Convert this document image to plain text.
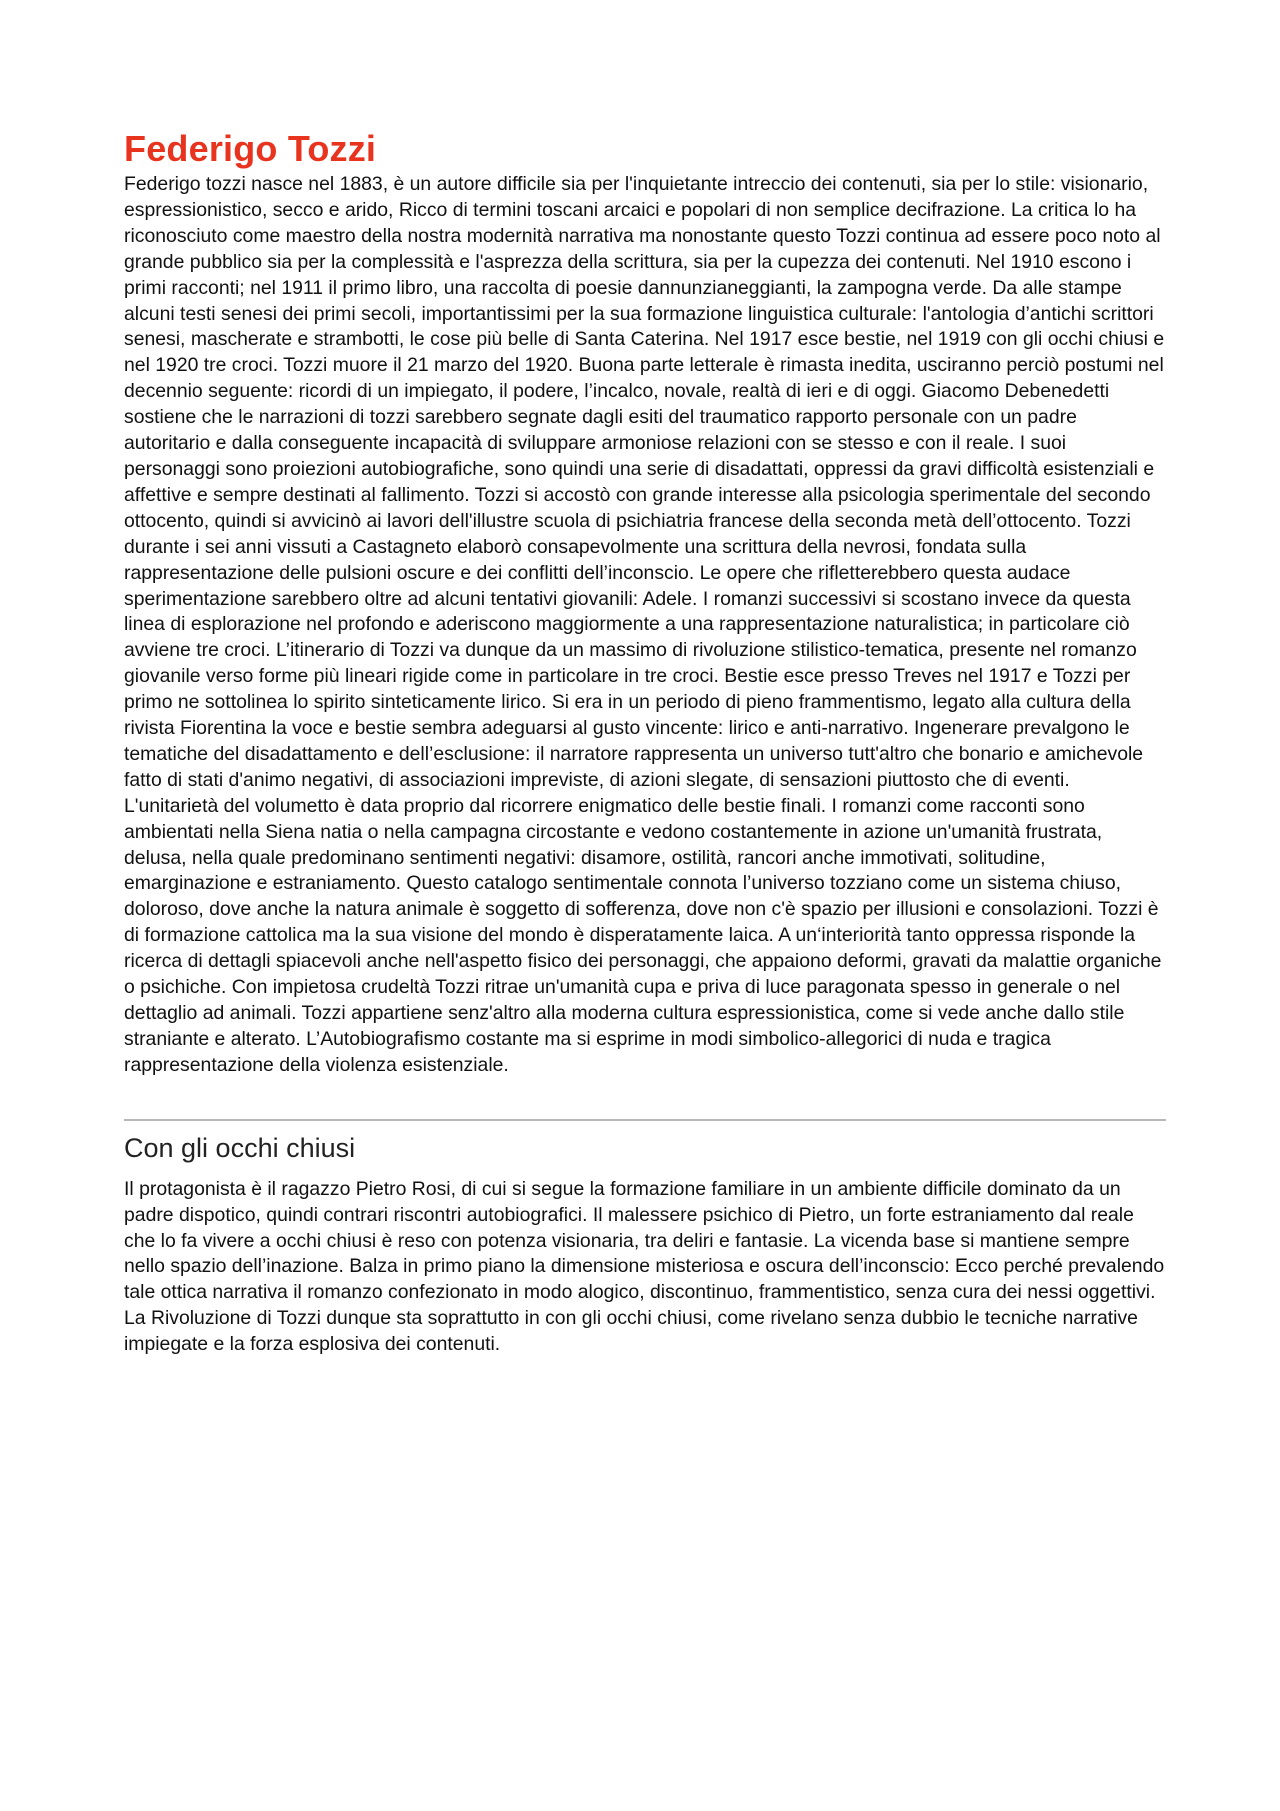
Federigo Tozzi

Federigo tozzi nasce nel 1883, è un autore difficile sia per l'inquietante intreccio dei contenuti, sia per lo stile: visionario, espressionistico, secco e arido, Ricco di termini toscani arcaici e popolari di non semplice decifrazione. La critica lo ha riconosciuto come maestro della nostra modernità narrativa ma nonostante questo Tozzi continua ad essere poco noto al grande pubblico sia per la complessità e l'asprezza della scrittura, sia per la cupezza dei contenuti. Nel 1910 escono i primi racconti; nel 1911 il primo libro, una raccolta di poesie dannunzianeggianti, la zampogna verde. Da alle stampe alcuni testi senesi dei primi secoli, importantissimi per la sua formazione linguistica culturale: l'antologia d’antichi scrittori senesi, mascherate e strambotti, le cose più belle di Santa Caterina. Nel 1917 esce bestie, nel 1919 con gli occhi chiusi e nel 1920 tre croci. Tozzi muore il 21 marzo del 1920. Buona parte letterale è rimasta inedita, usciranno perciò postumi nel decennio seguente: ricordi di un impiegato, il podere, l’incalco, novale, realtà di ieri e di oggi. Giacomo Debenedetti sostiene che le narrazioni di tozzi sarebbero segnate dagli esiti del traumatico rapporto personale con un padre autoritario e dalla conseguente incapacità di sviluppare armoniose relazioni con se stesso e con il reale. I suoi personaggi sono proiezioni autobiografiche, sono quindi una serie di disadattati, oppressi da gravi difficoltà esistenziali e affettive e sempre destinati al fallimento. Tozzi si accostò con grande interesse alla psicologia sperimentale del secondo ottocento, quindi si avvicinò ai lavori dell'illustre scuola di psichiatria francese della seconda metà dell’ottocento. Tozzi durante i sei anni vissuti a Castagneto elaborò consapevolmente una scrittura della nevrosi, fondata sulla rappresentazione delle pulsioni oscure e dei conflitti dell’inconscio. Le opere che rifletterebbero questa audace sperimentazione sarebbero oltre ad alcuni tentativi giovanili: Adele. I romanzi successivi si scostano invece da questa linea di esplorazione nel profondo e aderiscono maggiormente a una rappresentazione naturalistica; in particolare ciò avviene tre croci. L’itinerario di Tozzi va dunque da un massimo di rivoluzione stilistico-tematica, presente nel romanzo giovanile verso forme più lineari rigide come in particolare in tre croci. Bestie esce presso Treves nel 1917 e Tozzi per primo ne sottolinea lo spirito sinteticamente lirico. Si era in un periodo di pieno frammentismo, legato alla cultura della rivista Fiorentina la voce e bestie sembra adeguarsi al gusto vincente: lirico e anti-narrativo. Ingenerare prevalgono le tematiche del disadattamento e dell’esclusione: il narratore rappresenta un universo tutt'altro che bonario e amichevole fatto di stati d'animo negativi, di associazioni impreviste, di azioni slegate, di sensazioni piuttosto che di eventi. L'unitarietà del volumetto è data proprio dal ricorrere enigmatico delle bestie finali. I romanzi come racconti sono ambientati nella Siena natia o nella campagna circostante e vedono costantemente in azione un'umanità frustrata, delusa, nella quale predominano sentimenti negativi: disamore, ostilità, rancori anche immotivati, solitudine, emarginazione e estraniamento. Questo catalogo sentimentale connota l’universo tozziano come un sistema chiuso, doloroso, dove anche la natura animale è soggetto di sofferenza, dove non c'è spazio per illusioni e consolazioni. Tozzi è di formazione cattolica ma la sua visione del mondo è disperatamente laica. A un‘interiorità tanto oppressa risponde la ricerca di dettagli spiacevoli anche nell'aspetto fisico dei personaggi, che appaiono deformi, gravati da malattie organiche o psichiche. Con impietosa crudeltà Tozzi ritrae un'umanità cupa e priva di luce paragonata spesso in generale o nel dettaglio ad animali. Tozzi appartiene senz'altro alla moderna cultura espressionistica, come si vede anche dallo stile straniante e alterato. L’Autobiografismo costante ma si esprime in modi simbolico-allegorici di nuda e tragica rappresentazione della violenza esistenziale.

Con gli occhi chiusi

Il protagonista è il ragazzo Pietro Rosi, di cui si segue la formazione familiare in un ambiente difficile dominato da un padre dispotico, quindi contrari riscontri autobiografici. Il malessere psichico di Pietro, un forte estraniamento dal reale che lo fa vivere a occhi chiusi è reso con potenza visionaria, tra deliri e fantasie. La vicenda base si mantiene sempre nello spazio dell’inazione. Balza in primo piano la dimensione misteriosa e oscura dell’inconscio: Ecco perché prevalendo tale ottica narrativa il romanzo confezionato in modo alogico, discontinuo, frammentistico, senza cura dei nessi oggettivi. La Rivoluzione di Tozzi dunque sta soprattutto in con gli occhi chiusi, come rivelano senza dubbio le tecniche narrative impiegate e la forza esplosiva dei contenuti.
